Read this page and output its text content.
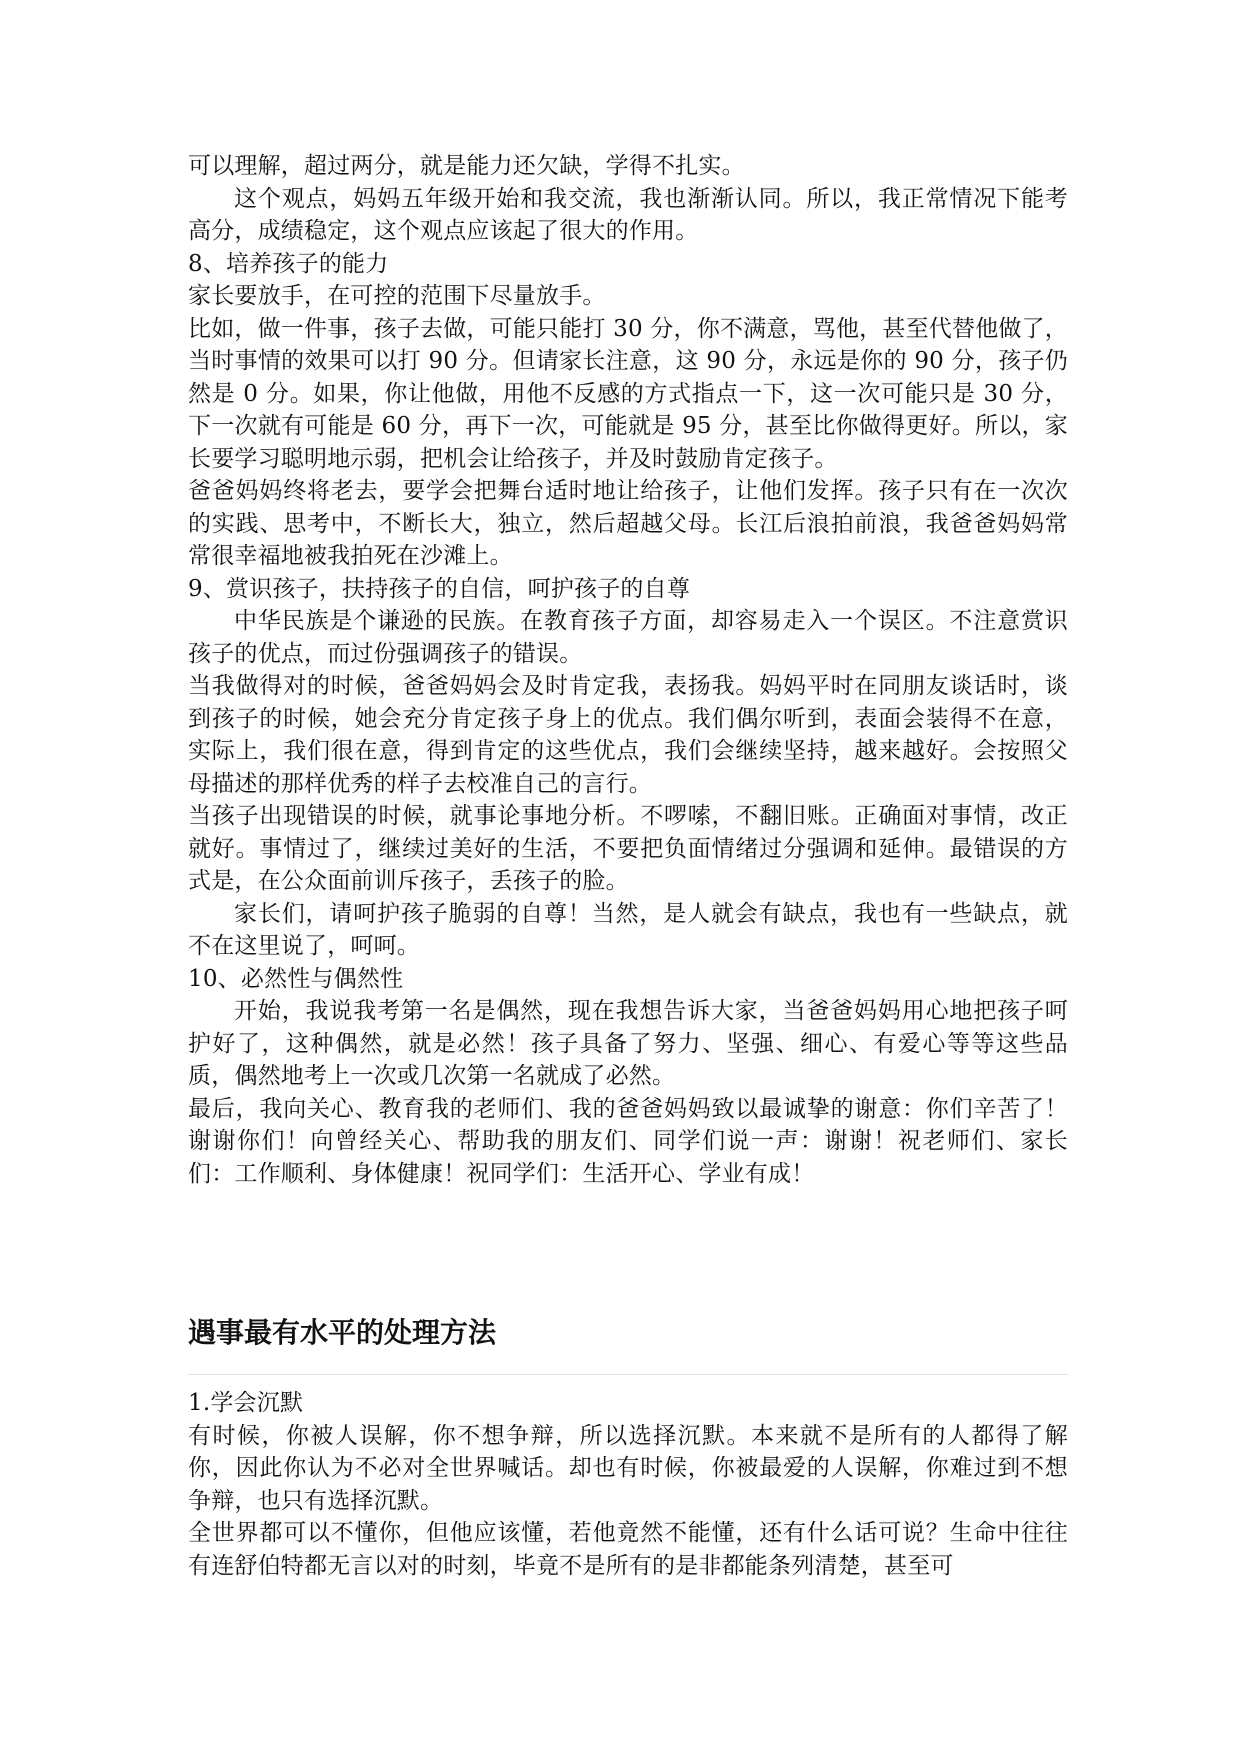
可以理解，超过两分，就是能力还欠缺，学得不扎实。

这个观点，妈妈五年级开始和我交流，我也渐渐认同。所以，我正常情况下能考高分，成绩稳定，这个观点应该起了很大的作用。

8、培养孩子的能力

家长要放手，在可控的范围下尽量放手。

比如，做一件事，孩子去做，可能只能打 30 分，你不满意，骂他，甚至代替他做了，当时事情的效果可以打 90 分。但请家长注意，这 90 分，永远是你的 90 分，孩子仍然是 0 分。如果，你让他做，用他不反感的方式指点一下，这一次可能只是 30 分，下一次就有可能是 60 分，再下一次，可能就是 95 分，甚至比你做得更好。所以，家长要学习聪明地示弱，把机会让给孩子，并及时鼓励肯定孩子。

爸爸妈妈终将老去，要学会把舞台适时地让给孩子，让他们发挥。孩子只有在一次次的实践、思考中，不断长大，独立，然后超越父母。长江后浪拍前浪，我爸爸妈妈常常很幸福地被我拍死在沙滩上。

9、赏识孩子，扶持孩子的自信，呵护孩子的自尊

中华民族是个谦逊的民族。在教育孩子方面，却容易走入一个误区。不注意赏识孩子的优点，而过份强调孩子的错误。

当我做得对的时候，爸爸妈妈会及时肯定我，表扬我。妈妈平时在同朋友谈话时，谈到孩子的时候，她会充分肯定孩子身上的优点。我们偶尔听到，表面会装得不在意，实际上，我们很在意，得到肯定的这些优点，我们会继续坚持，越来越好。会按照父母描述的那样优秀的样子去校准自己的言行。

当孩子出现错误的时候，就事论事地分析。不啰嗦，不翻旧账。正确面对事情，改正就好。事情过了，继续过美好的生活，不要把负面情绪过分强调和延伸。最错误的方式是，在公众面前训斥孩子，丢孩子的脸。

家长们，请呵护孩子脆弱的自尊！当然，是人就会有缺点，我也有一些缺点，就不在这里说了，呵呵。

10、必然性与偶然性

开始，我说我考第一名是偶然，现在我想告诉大家，当爸爸妈妈用心地把孩子呵护好了，这种偶然，就是必然！孩子具备了努力、坚强、细心、有爱心等等这些品质，偶然地考上一次或几次第一名就成了必然。

最后，我向关心、教育我的老师们、我的爸爸妈妈致以最诚挚的谢意：你们辛苦了！谢谢你们！向曾经关心、帮助我的朋友们、同学们说一声：谢谢！祝老师们、家长们：工作顺利、身体健康！祝同学们：生活开心、学业有成！

遇事最有水平的处理方法

1.学会沉默

有时候，你被人误解，你不想争辩，所以选择沉默。本来就不是所有的人都得了解你，因此你认为不必对全世界喊话。却也有时候，你被最爱的人误解，你难过到不想争辩，也只有选择沉默。

全世界都可以不懂你，但他应该懂，若他竟然不能懂，还有什么话可说？生命中往往有连舒伯特都无言以对的时刻，毕竟不是所有的是非都能条列清楚，甚至可
